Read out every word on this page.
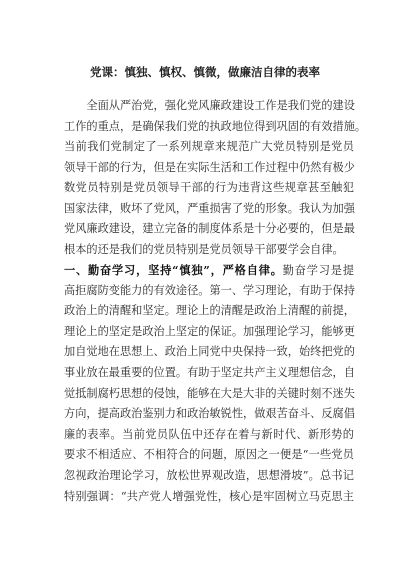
党课：慎独、慎权、慎微，做廉洁自律的表率
　　全面从严治党，强化党风廉政建设工作是我们党的建设
工作的重点，是确保我们党的执政地位得到巩固的有效措施。
当前我们党制定了一系列规章来规范广大党员特别是党员
领导干部的行为，但是在实际生活和工作过程中仍然有极少
数党员特别是党员领导干部的行为违背这些规章甚至触犯
国家法律，败坏了党风，严重损害了党的形象。我认为加强
党风廉政建设，建立完备的制度体系是十分必要的，但是最
根本的还是我们的党员特别是党员领导干部要学会自律。
一、勤奋学习，坚持“慎独”，严格自律。勤奋学习是提
高拒腐防变能力的有效途径。第一、学习理论，有助于保持
政治上的清醒和坚定。理论上的清醒是政治上清醒的前提，
理论上的坚定是政治上坚定的保证。加强理论学习，能够更
加自觉地在思想上、政治上同党中央保持一致，始终把党的
事业放在最重要的位置。有助于坚定共产主义理想信念，自
觉抵制腐朽思想的侵蚀，能够在大是大非的关键时刻不迷失
方向，提高政治鉴别力和政治敏锐性，做艰苦奋斗、反腐倡
廉的表率。当前党员队伍中还存在着与新时代、新形势的
要求不相适应、不相符合的问题，原因之一便是“一些党员
忽视政治理论学习，放松世界观改造，思想滑坡”。总书记
特别强调：“共产党人增强党性，核心是牢固树立马克思主
